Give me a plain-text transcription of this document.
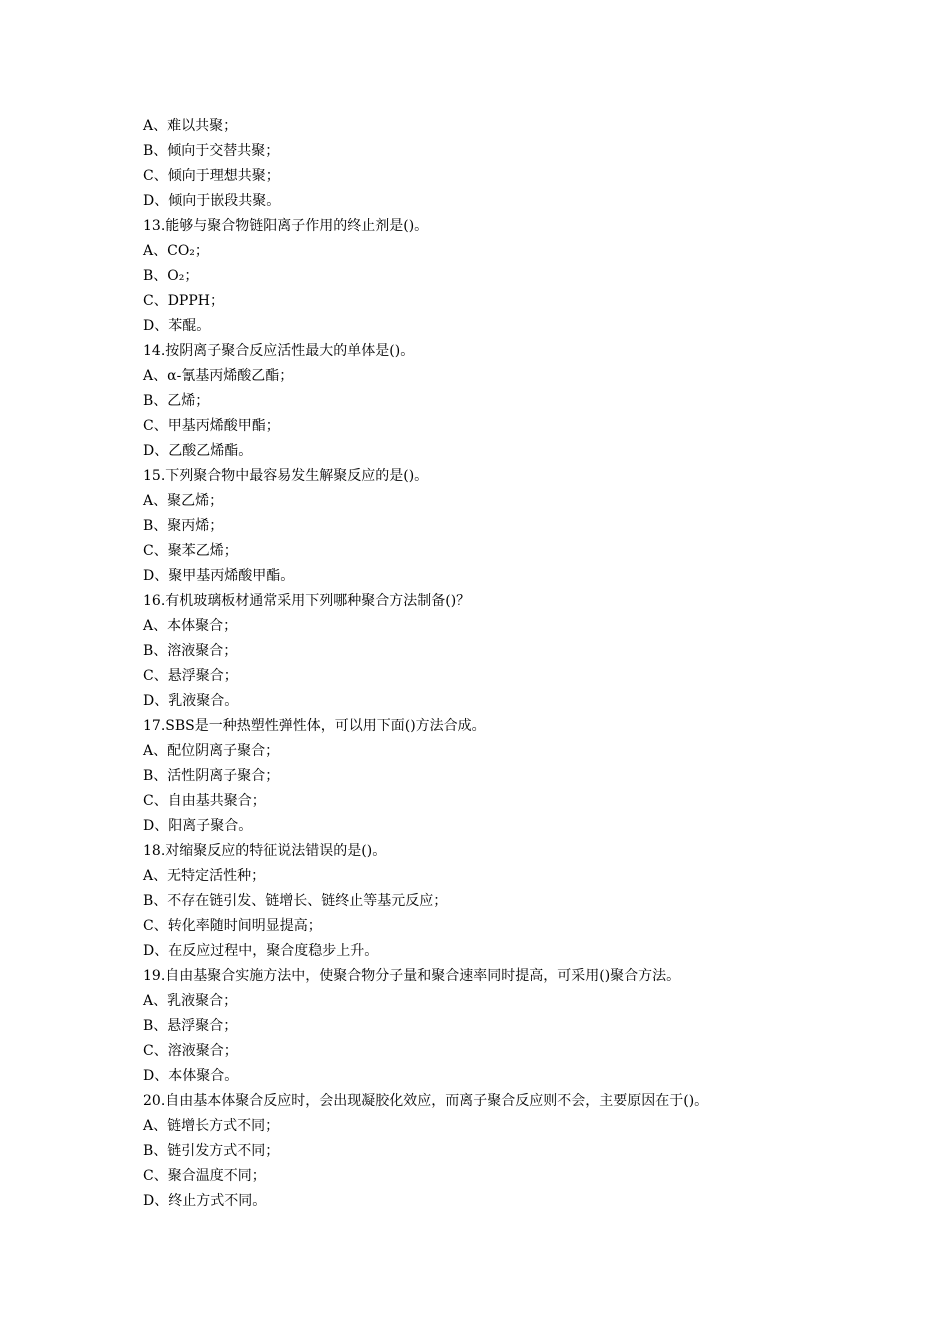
A、难以共聚；
B、倾向于交替共聚；
C、倾向于理想共聚；
D、倾向于嵌段共聚。
13.能够与聚合物链阳离子作用的终止剂是()。
A、CO₂；
B、O₂；
C、DPPH；
D、苯醌。
14.按阴离子聚合反应活性最大的单体是()。
A、α-氰基丙烯酸乙酯；
B、乙烯；
C、甲基丙烯酸甲酯；
D、乙酸乙烯酯。
15.下列聚合物中最容易发生解聚反应的是()。
A、聚乙烯；
B、聚丙烯；
C、聚苯乙烯；
D、聚甲基丙烯酸甲酯。
16.有机玻璃板材通常采用下列哪种聚合方法制备()？
A、本体聚合；
B、溶液聚合；
C、悬浮聚合；
D、乳液聚合。
17.SBS是一种热塑性弹性体，可以用下面()方法合成。
A、配位阴离子聚合；
B、活性阴离子聚合；
C、自由基共聚合；
D、阳离子聚合。
18.对缩聚反应的特征说法错误的是()。
A、无特定活性种；
B、不存在链引发、链增长、链终止等基元反应；
C、转化率随时间明显提高；
D、在反应过程中，聚合度稳步上升。
19.自由基聚合实施方法中，使聚合物分子量和聚合速率同时提高，可采用()聚合方法。
A、乳液聚合；
B、悬浮聚合；
C、溶液聚合；
D、本体聚合。
20.自由基本体聚合反应时，会出现凝胶化效应，而离子聚合反应则不会，主要原因在于()。
A、链增长方式不同；
B、链引发方式不同；
C、聚合温度不同；
D、终止方式不同。
